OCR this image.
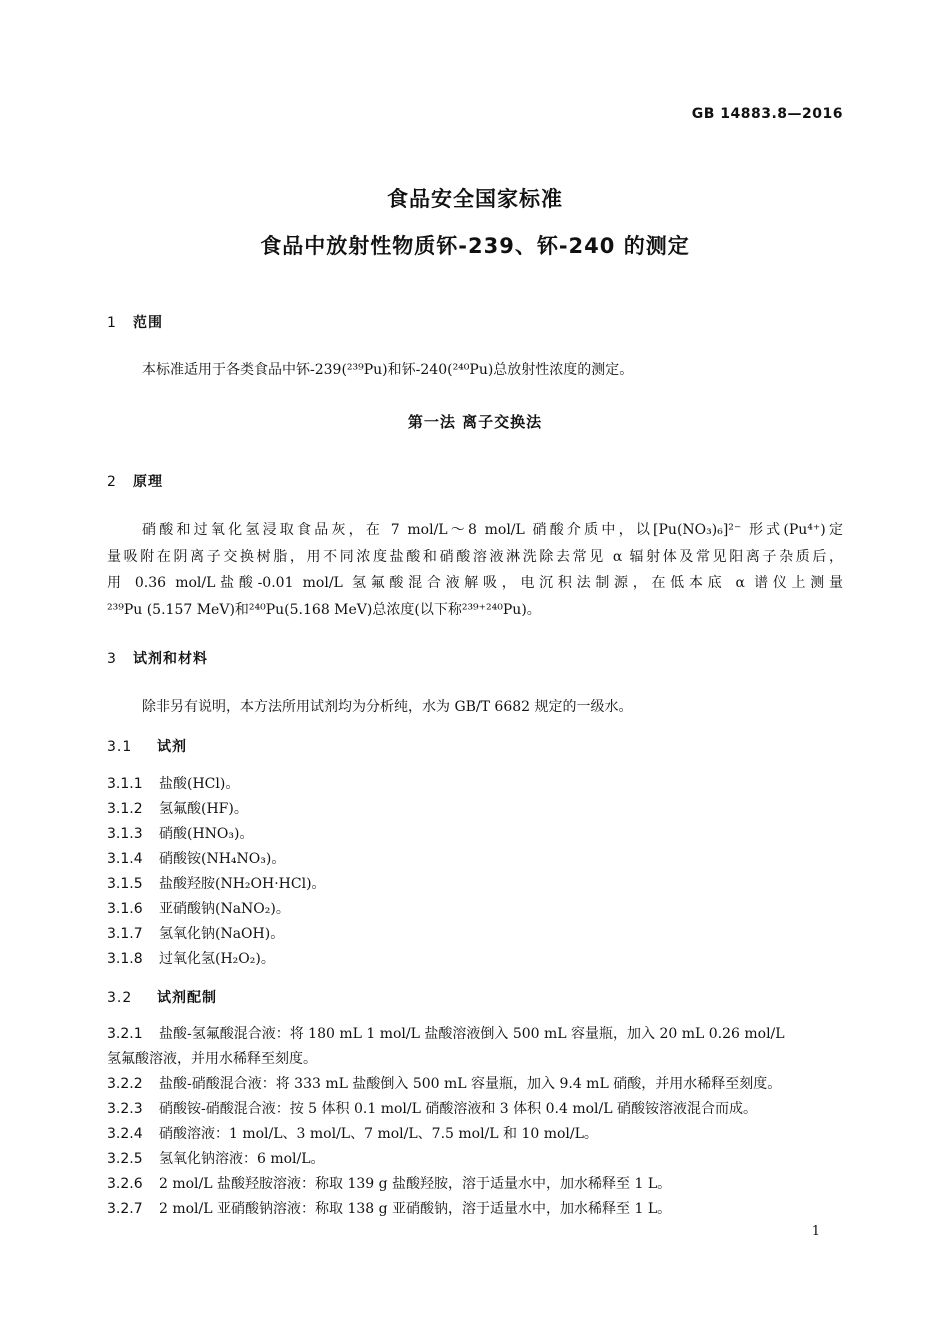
GB 14883.8—2016
食品安全国家标准
食品中放射性物质钚-239、钚-240 的测定
1 范围
本标准适用于各类食品中钚-239(²³⁹Pu)和钚-240(²⁴⁰Pu)总放射性浓度的测定。
第一法 离子交换法
2 原理
硝酸和过氧化氢浸取食品灰，在 7 mol/L～8 mol/L 硝酸介质中，以[Pu(NO₃)₆]²⁻ 形式(Pu⁴⁺)定
量吸附在阴离子交换树脂，用不同浓度盐酸和硝酸溶液淋洗除去常见 α 辐射体及常见阳离子杂质后，
用 0.36 mol/L盐酸-0.01 mol/L 氢氟酸混合液解吸，电沉积法制源，在低本底 α 谱仪上测量
²³⁹Pu (5.157 MeV)和²⁴⁰Pu(5.168 MeV)总浓度(以下称²³⁹⁺²⁴⁰Pu)。
3 试剂和材料
除非另有说明，本方法所用试剂均为分析纯，水为 GB/T 6682 规定的一级水。
3.1 试剂
3.1.1 盐酸(HCl)。
3.1.2 氢氟酸(HF)。
3.1.3 硝酸(HNO₃)。
3.1.4 硝酸铵(NH₄NO₃)。
3.1.5 盐酸羟胺(NH₂OH·HCl)。
3.1.6 亚硝酸钠(NaNO₂)。
3.1.7 氢氧化钠(NaOH)。
3.1.8 过氧化氢(H₂O₂)。
3.2 试剂配制
3.2.1 盐酸-氢氟酸混合液：将 180 mL 1 mol/L 盐酸溶液倒入 500 mL 容量瓶，加入 20 mL 0.26 mol/L
氢氟酸溶液，并用水稀释至刻度。
3.2.2 盐酸-硝酸混合液：将 333 mL 盐酸倒入 500 mL 容量瓶，加入 9.4 mL 硝酸，并用水稀释至刻度。
3.2.3 硝酸铵-硝酸混合液：按 5 体积 0.1 mol/L 硝酸溶液和 3 体积 0.4 mol/L 硝酸铵溶液混合而成。
3.2.4 硝酸溶液：1 mol/L、3 mol/L、7 mol/L、7.5 mol/L 和 10 mol/L。
3.2.5 氢氧化钠溶液：6 mol/L。
3.2.6 2 mol/L 盐酸羟胺溶液：称取 139 g 盐酸羟胺，溶于适量水中，加水稀释至 1 L。
3.2.7 2 mol/L 亚硝酸钠溶液：称取 138 g 亚硝酸钠，溶于适量水中，加水稀释至 1 L。
1
